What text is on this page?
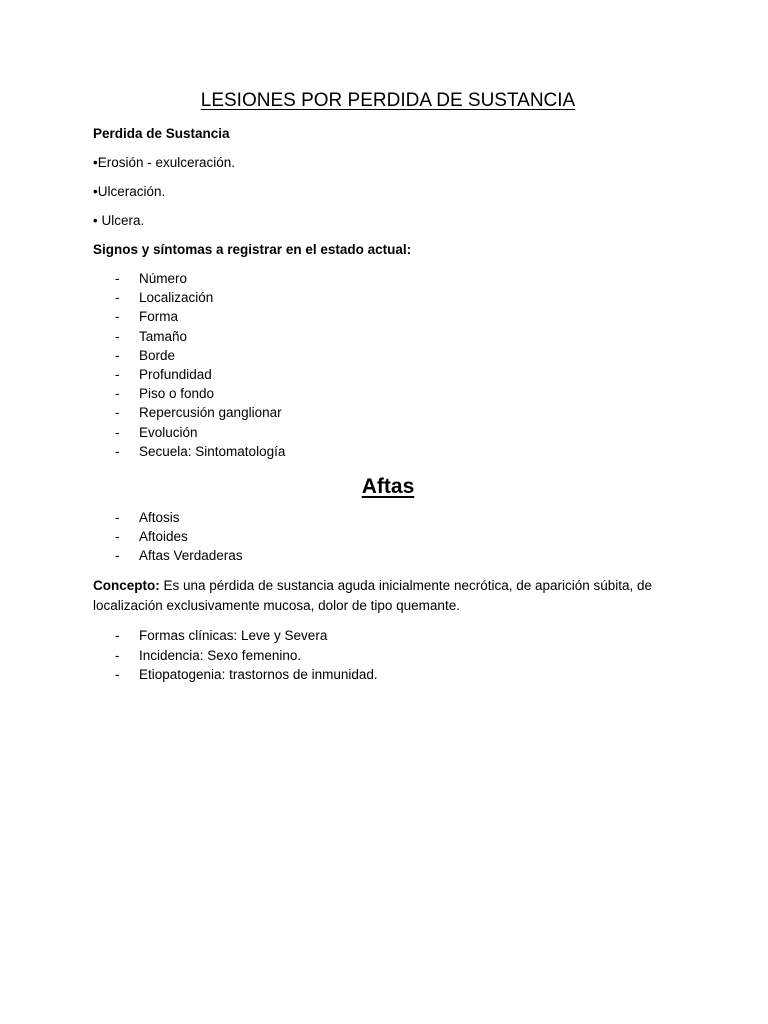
LESIONES POR PERDIDA DE SUSTANCIA
Perdida de Sustancia
•Erosión - exulceración.
•Ulceración.
• Ulcera.
Signos y síntomas a registrar en el estado actual:
- Número
- Localización
- Forma
- Tamaño
- Borde
- Profundidad
- Piso o fondo
- Repercusión ganglionar
- Evolución
- Secuela: Sintomatología
Aftas
- Aftosis
- Aftoides
- Aftas Verdaderas
Concepto: Es una pérdida de sustancia aguda inicialmente necrótica, de aparición súbita, de localización exclusivamente mucosa, dolor de tipo quemante.
- Formas clínicas: Leve y Severa
- Incidencia: Sexo femenino.
- Etiopatogenia: trastornos de inmunidad.
